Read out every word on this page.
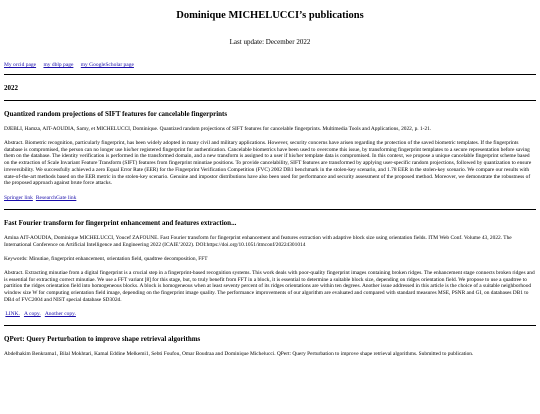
Dominique MICHELUCCI’s publications
Last update: December 2022
My orcid page my dblp page my GoogleScholar page
2022
Quantized random projections of SIFT features for cancelable fingerprints
DJEBLI, Hamza, AIT-AOUDIA, Samy, et MICHELUCCI, Dominique. Quantized random projections of SIFT features for cancelable fingerprints. Multimedia Tools and Applications, 2022, p. 1-21.
Abstract. Biometric recognition, particularly fingerprint, has been widely adopted in many civil and military applications. However, security concerns have arisen regarding the protection of the saved biometric templates. If the fingerprints database is compromised, the person can no longer use his/her registered fingerprint for authentication. Cancelable biometrics have been used to overcome this issue, by transforming fingerprint templates to a secure representation before saving them on the database. The identity verification is performed in the transformed domain, and a new transform is assigned to a user if his/her template data is compromised. In this context, we propose a unique cancelable fingerprint scheme based on the extraction of Scale Invariant Feature Transform (SIFT) features from fingerprint minutiae positions. To provide cancelability, SIFT features are transformed by applying user-specific random projections, followed by quantization to ensure irreversibility. We successfully achieved a zero Equal Error Rate (EER) for the Fingerprint Verification Competition (FVC) 2002 DB1 benchmark in the stolen-key scenario, and 1.78 EER in the stolen-key scenario. We compare our results with state-of-the-art methods based on the EER metric in the stolen-key scenario. Genuine and impostor distributions have also been used for performance and security assessment of the proposed method. Moreover, we demonstrate the robustness of the proposed approach against brute force attacks.
Springer link ResearchGate link
Fast Fourier transform for fingerprint enhancement and features extraction...
Amina AIT-AOUDIA, Dominique MICHELUCCI, Youcef ZAFOUNE. Fast Fourier transform for fingerprint enhancement and features extraction with adaptive block size using orientation fields. ITM Web Conf. Volume 43, 2022. The International Conference on Artificial Intelligence and Engineering 2022 (ICAIE’2022). DOI:https://doi.org/10.1051/itmconf/20224301014
Keywords: Minutiae, fingerprint enhancement, orientation field, quadtree decomposition, FFT
Abstract. Extracting minutiae from a digital fingerprint is a crucial step in a fingerprint-based recognition systems. This work deals with poor-quality fingerprint images containing broken ridges. The enhancement stage connects broken ridges and is essential for extracting correct minutiae. We use a FFT variant [8] for this stage, but, to truly benefit from FFT in a block, it is essential to determine a suitable block size, depending on ridges orientation field. We propose to use a quadtree to partition the ridges orientation field into homogeneous blocks. A block is homogeneous when at least seventy percent of its ridges orientations are within ten degrees. Another issue addressed in this article is the choice of a suitable neighborhood window size W for computing orientation field image, depending on the fingerprint image quality. The performance improvements of our algorithm are evaluated and compared with standard measures MSE, PSNR and GI, on databases DB1 to DB4 of FVC2004 and NIST special database SD302d.
LINK. A copy. Another copy.
QPert: Query Perturbation to improve shape retrieval algorithms
Abdelhakim Benkrama1, Bilal Mokhtari, Kamal Eddine Melkemi1, Sebti Foufou, Omar Boudraa and Dominique Michelucci. QPert: Query Perturbation to improve shape retrieval algorithms. Submitted to publication.
